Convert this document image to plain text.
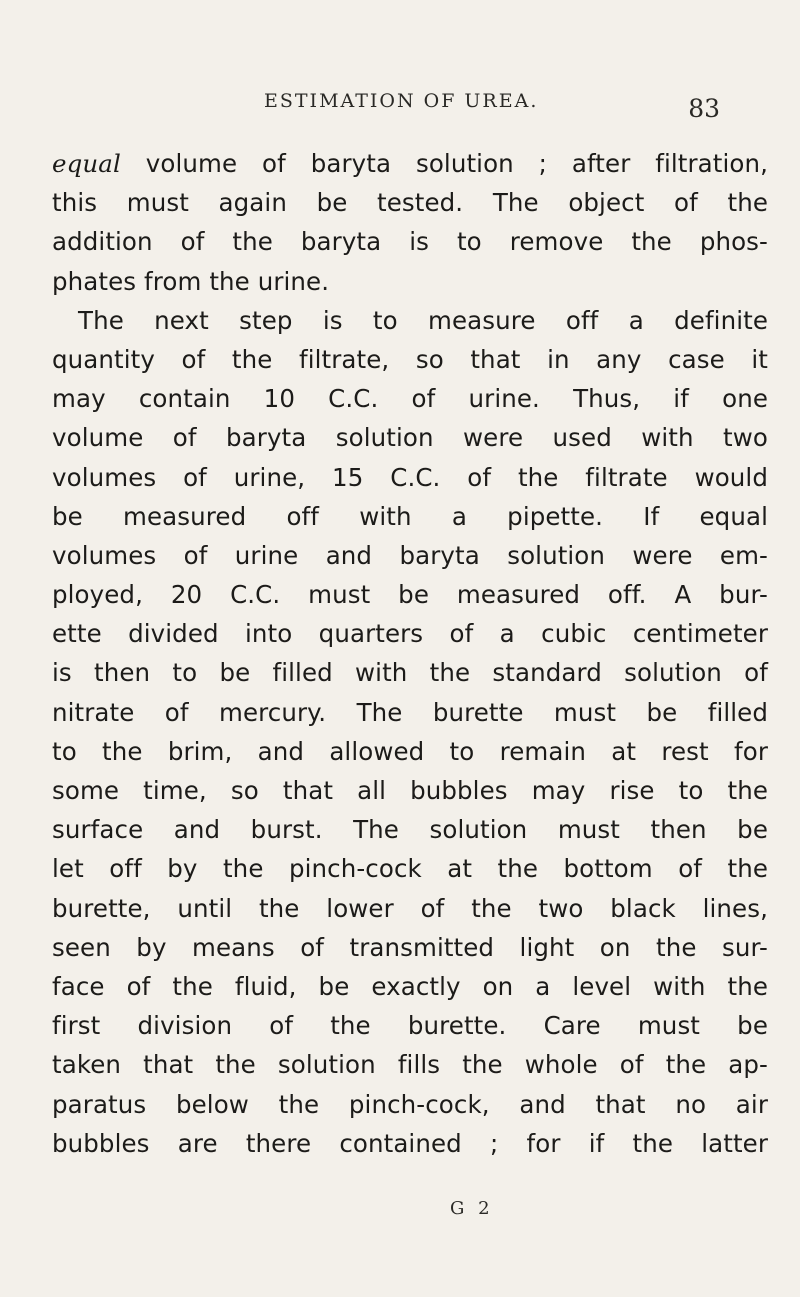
ESTIMATION OF UREA.	83
equal volume of baryta solution ; after filtration,
this must again be tested. The object of the
addition of the baryta is to remove the phos-
phates from the urine.
The next step is to measure off a definite
quantity of the filtrate, so that in any case it
may contain 10 C.C. of urine. Thus, if one
volume of baryta solution were used with two
volumes of urine, 15 C.C. of the filtrate would
be measured off with a pipette. If equal
volumes of urine and baryta solution were em-
ployed, 20 C.C. must be measured off. A bur-
ette divided into quarters of a cubic centimeter
is then to be filled with the standard solution of
nitrate of mercury. The burette must be filled
to the brim, and allowed to remain at rest for
some time, so that all bubbles may rise to the
surface and burst. The solution must then be
let off by the pinch-cock at the bottom of the
burette, until the lower of the two black lines,
seen by means of transmitted light on the sur-
face of the fluid, be exactly on a level with the
first division of the burette. Care must be
taken that the solution fills the whole of the ap-
paratus below the pinch-cock, and that no air
bubbles are there contained ; for if the latter
G 2
